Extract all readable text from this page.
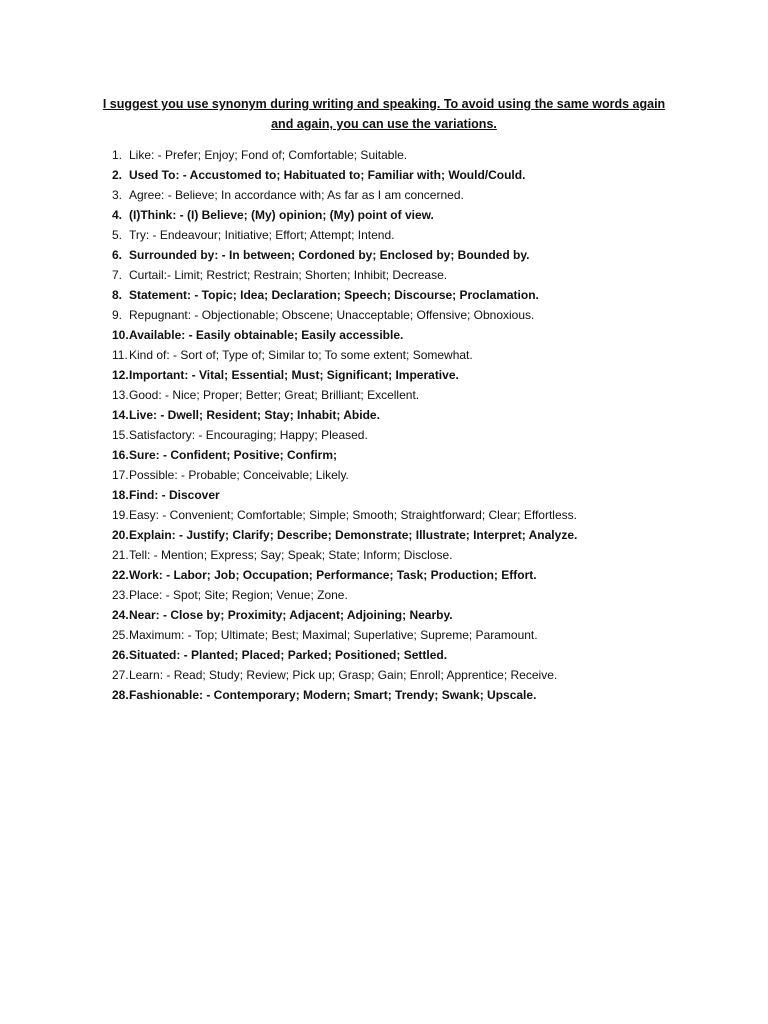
I suggest you use synonym during writing and speaking. To avoid using the same words again and again, you can use the variations.

1. Like: - Prefer; Enjoy; Fond of; Comfortable; Suitable.
2. Used To: - Accustomed to; Habituated to; Familiar with; Would/Could.
3. Agree: - Believe; In accordance with; As far as I am concerned.
4. (I)Think: - (I) Believe; (My) opinion; (My) point of view.
5. Try: - Endeavour; Initiative; Effort; Attempt; Intend.
6. Surrounded by: - In between; Cordoned by; Enclosed by; Bounded by.
7. Curtail:- Limit; Restrict; Restrain; Shorten; Inhibit; Decrease.
8. Statement: - Topic; Idea; Declaration; Speech; Discourse; Proclamation.
9. Repugnant: - Objectionable; Obscene; Unacceptable; Offensive; Obnoxious.
10. Available: - Easily obtainable; Easily accessible.
11. Kind of: - Sort of; Type of; Similar to; To some extent; Somewhat.
12. Important: - Vital; Essential; Must; Significant; Imperative.
13. Good: - Nice; Proper; Better; Great; Brilliant; Excellent.
14. Live: - Dwell; Resident; Stay; Inhabit; Abide.
15. Satisfactory: - Encouraging; Happy; Pleased.
16. Sure: - Confident; Positive; Confirm;
17. Possible: - Probable; Conceivable; Likely.
18. Find: - Discover
19. Easy: - Convenient; Comfortable; Simple; Smooth; Straightforward; Clear; Effortless.
20. Explain: - Justify; Clarify; Describe; Demonstrate; Illustrate; Interpret; Analyze.
21. Tell: - Mention; Express; Say; Speak; State; Inform; Disclose.
22. Work: - Labor; Job; Occupation; Performance; Task; Production; Effort.
23. Place: - Spot; Site; Region; Venue; Zone.
24. Near: - Close by; Proximity; Adjacent; Adjoining; Nearby.
25. Maximum: - Top; Ultimate; Best; Maximal; Superlative; Supreme; Paramount.
26. Situated: - Planted; Placed; Parked; Positioned; Settled.
27. Learn: - Read; Study; Review; Pick up; Grasp; Gain; Enroll; Apprentice; Receive.
28. Fashionable: - Contemporary; Modern; Smart; Trendy; Swank; Upscale.
